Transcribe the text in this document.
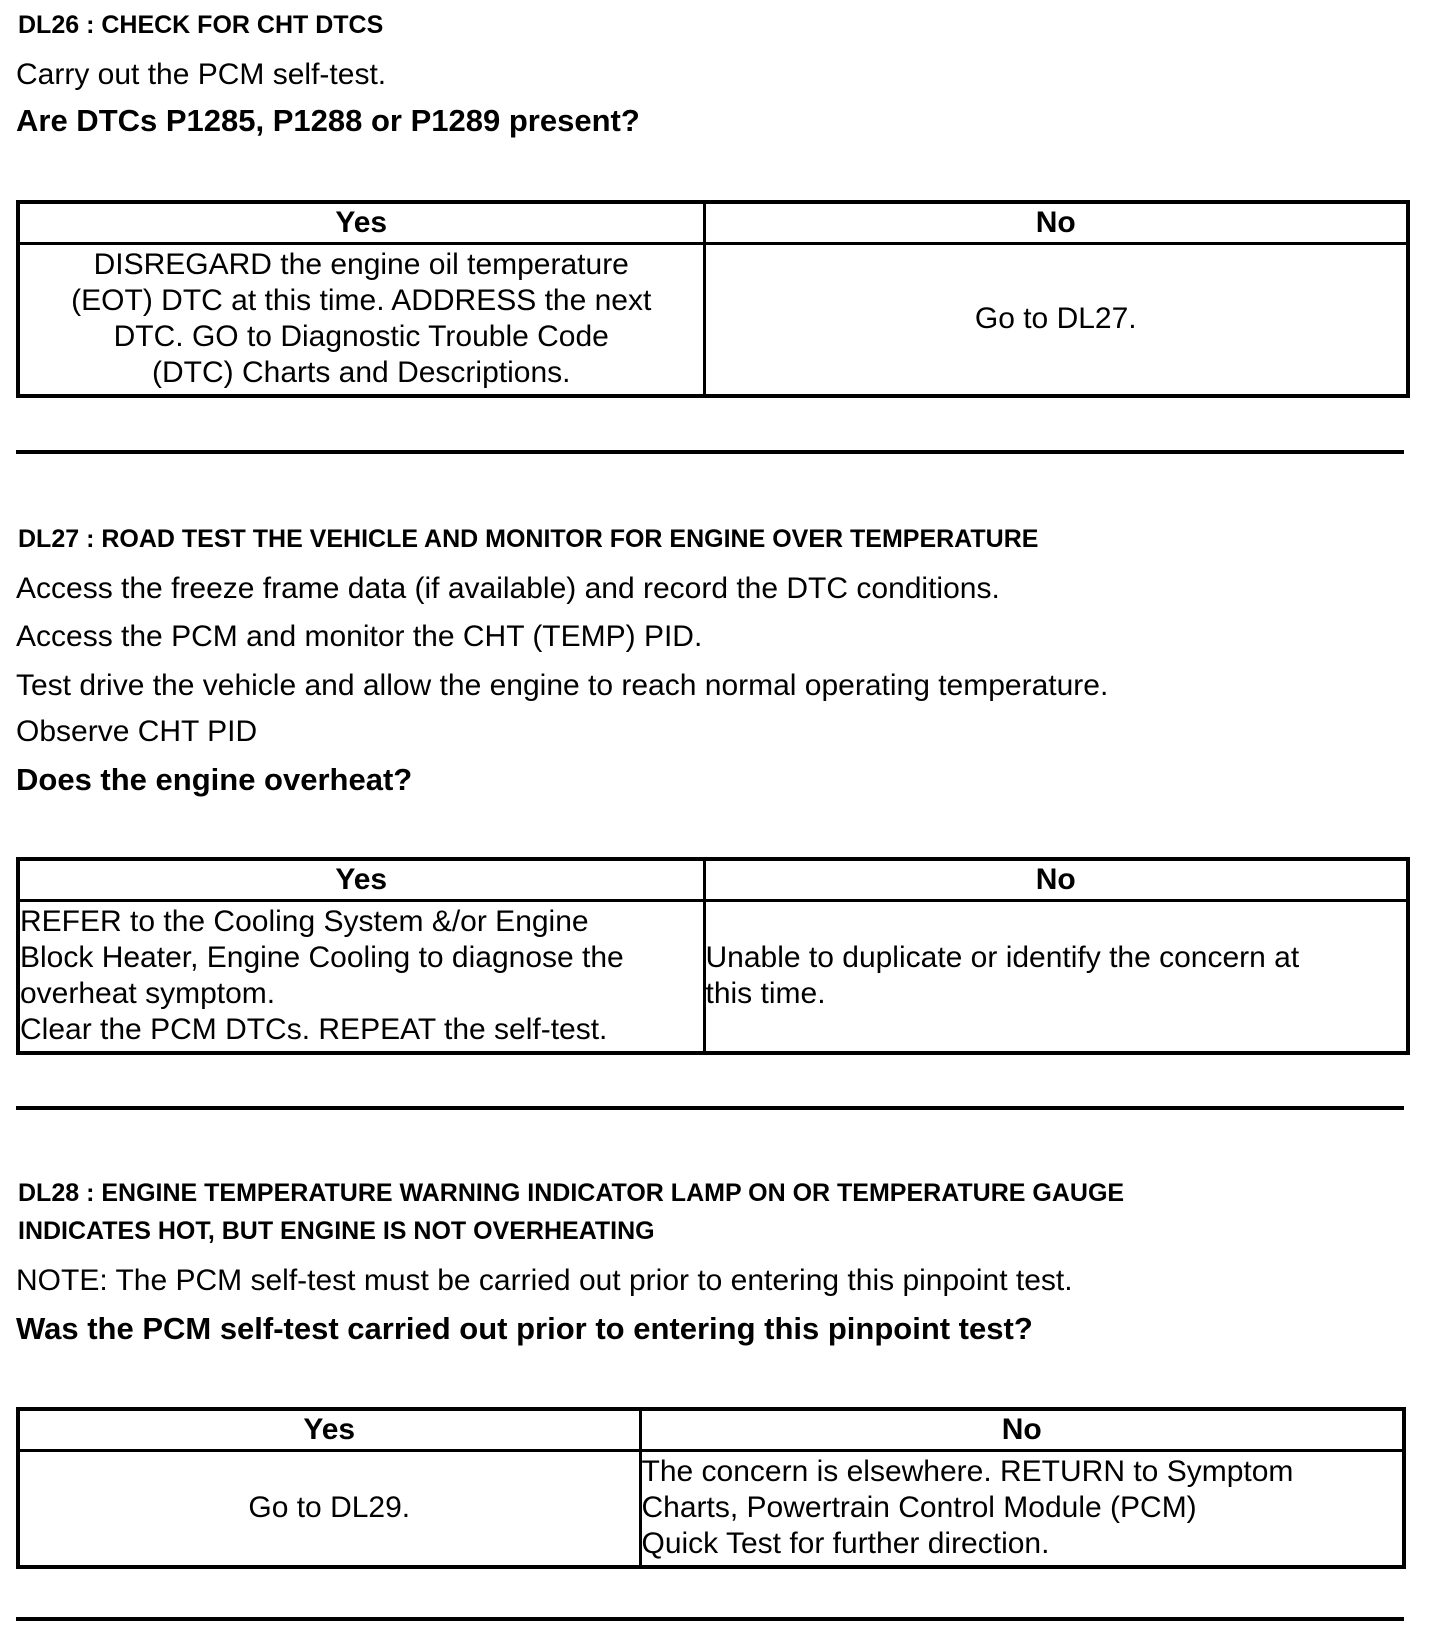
DL26 : CHECK FOR CHT DTCS
Carry out the PCM self-test.
Are DTCs P1285, P1288 or P1289 present?
Yes	No

DISREGARD the engine oil temperature
(EOT) DTC at this time. ADDRESS the next
DTC. GO to Diagnostic Trouble Code
(DTC) Charts and Descriptions.	Go to DL27.
DL27 : ROAD TEST THE VEHICLE AND MONITOR FOR ENGINE OVER TEMPERATURE
Access the freeze frame data (if available) and record the DTC conditions.
Access the PCM and monitor the CHT (TEMP) PID.
Test drive the vehicle and allow the engine to reach normal operating temperature.
Observe CHT PID
Does the engine overheat?
Yes	No

REFER to the Cooling System &/or Engine
Block Heater, Engine Cooling to diagnose the
overheat symptom.
Clear the PCM DTCs. REPEAT the self-test.	Unable to duplicate or identify the concern at
this time.
DL28 : ENGINE TEMPERATURE WARNING INDICATOR LAMP ON OR TEMPERATURE GAUGE
INDICATES HOT, BUT ENGINE IS NOT OVERHEATING
NOTE: The PCM self-test must be carried out prior to entering this pinpoint test.
Was the PCM self-test carried out prior to entering this pinpoint test?
Yes	No

Go to DL29.	The concern is elsewhere. RETURN to Symptom
Charts, Powertrain Control Module (PCM)
Quick Test for further direction.
